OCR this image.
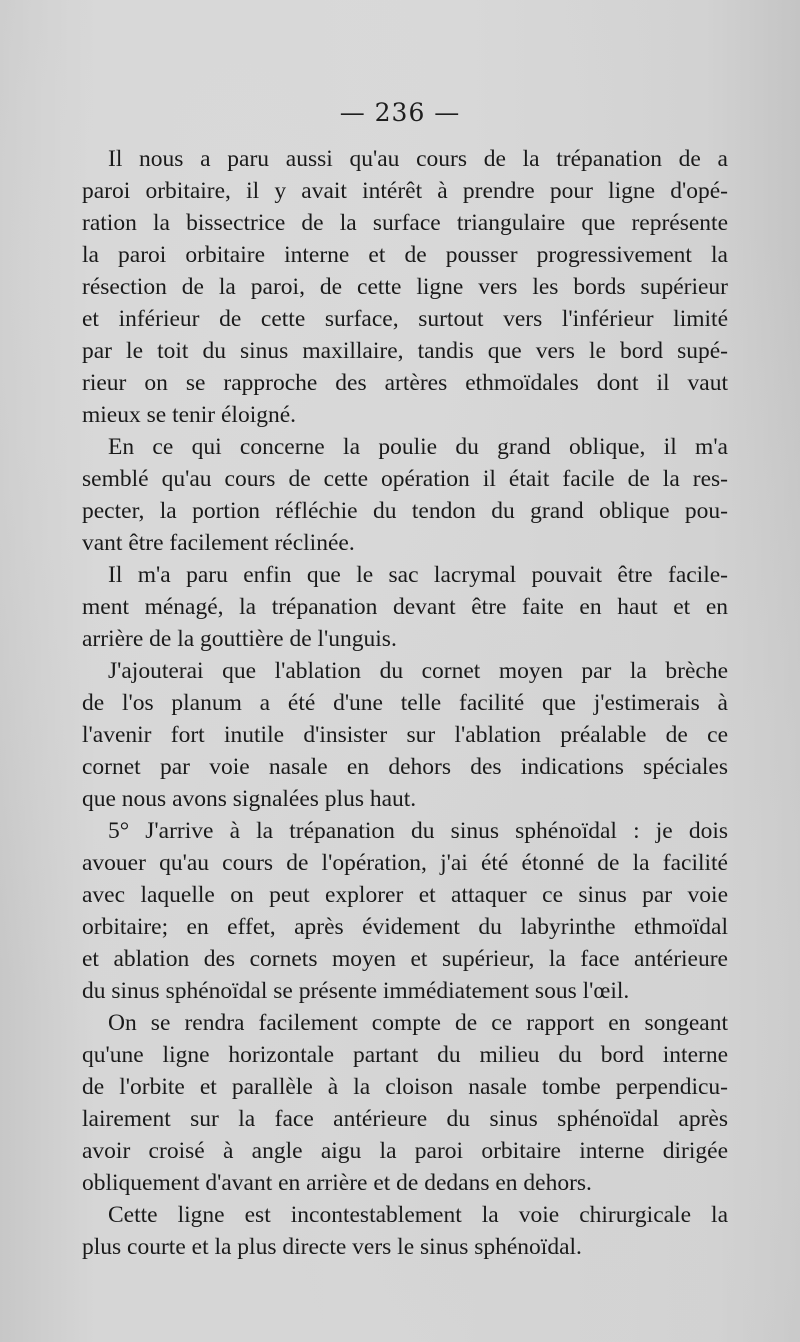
— 236 —
Il nous a paru aussi qu'au cours de la trépanation de a
paroi orbitaire, il y avait intérêt à prendre pour ligne d'opé-
ration la bissectrice de la surface triangulaire que représente
la paroi orbitaire interne et de pousser progressivement la
résection de la paroi, de cette ligne vers les bords supérieur
et inférieur de cette surface, surtout vers l'inférieur limité
par le toit du sinus maxillaire, tandis que vers le bord supé-
rieur on se rapproche des artères ethmoïdales dont il vaut
mieux se tenir éloigné.
En ce qui concerne la poulie du grand oblique, il m'a
semblé qu'au cours de cette opération il était facile de la res-
pecter, la portion réfléchie du tendon du grand oblique pou-
vant être facilement réclinée.
Il m'a paru enfin que le sac lacrymal pouvait être facile-
ment ménagé, la trépanation devant être faite en haut et en
arrière de la gouttière de l'unguis.
J'ajouterai que l'ablation du cornet moyen par la brèche
de l'os planum a été d'une telle facilité que j'estimerais à
l'avenir fort inutile d'insister sur l'ablation préalable de ce
cornet par voie nasale en dehors des indications spéciales
que nous avons signalées plus haut.
5° J'arrive à la trépanation du sinus sphénoïdal : je dois
avouer qu'au cours de l'opération, j'ai été étonné de la facilité
avec laquelle on peut explorer et attaquer ce sinus par voie
orbitaire; en effet, après évidement du labyrinthe ethmoïdal
et ablation des cornets moyen et supérieur, la face antérieure
du sinus sphénoïdal se présente immédiatement sous l'œil.
On se rendra facilement compte de ce rapport en songeant
qu'une ligne horizontale partant du milieu du bord interne
de l'orbite et parallèle à la cloison nasale tombe perpendicu-
lairement sur la face antérieure du sinus sphénoïdal après
avoir croisé à angle aigu la paroi orbitaire interne dirigée
obliquement d'avant en arrière et de dedans en dehors.
Cette ligne est incontestablement la voie chirurgicale la
plus courte et la plus directe vers le sinus sphénoïdal.
